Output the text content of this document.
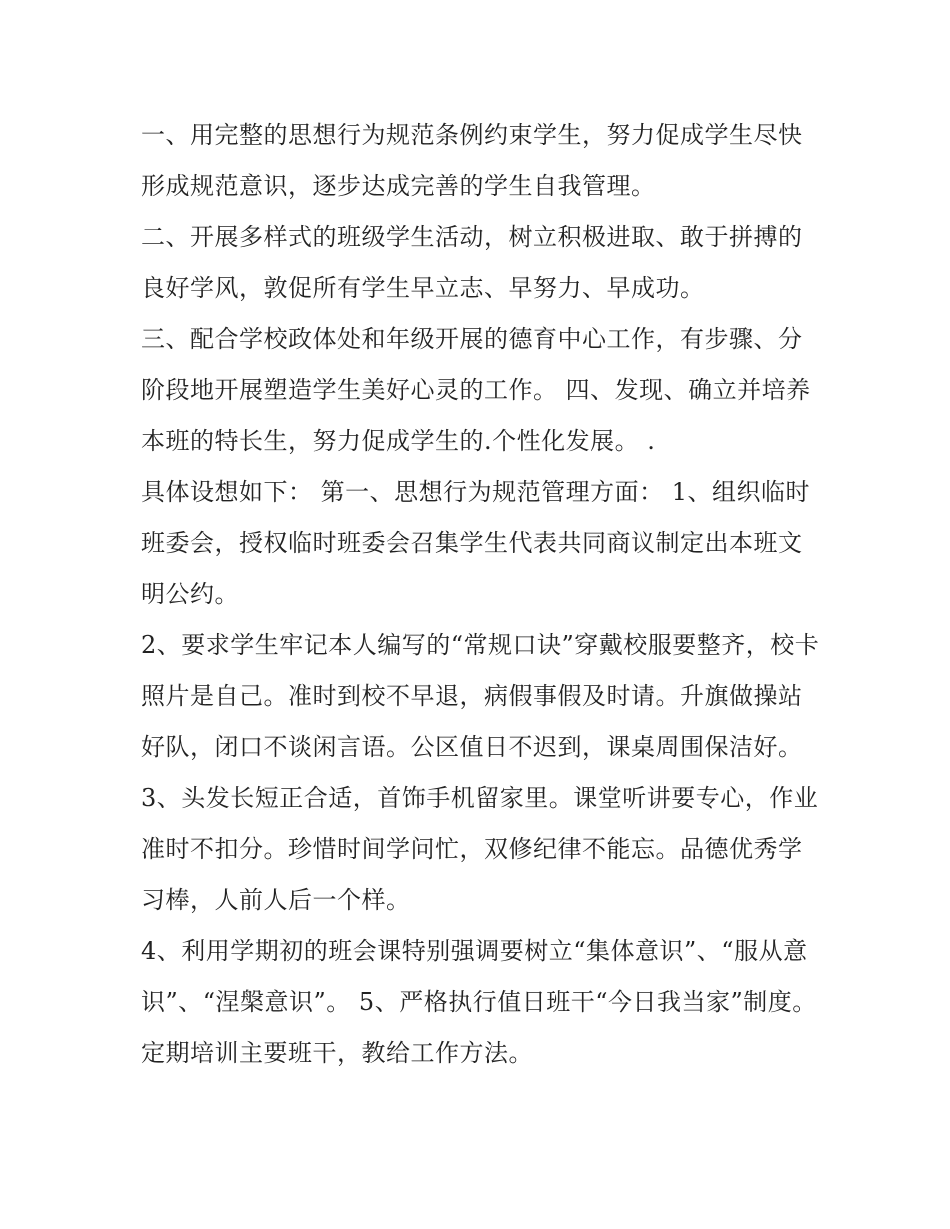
一、用完整的思想行为规范条例约束学生，努力促成学生尽快形成规范意识，逐步达成完善的学生自我管理。

二、开展多样式的班级学生活动，树立积极进取、敢于拼搏的良好学风，敦促所有学生早立志、早努力、早成功。

三、配合学校政体处和年级开展的德育中心工作，有步骤、分阶段地开展塑造学生美好心灵的工作。 四、发现、确立并培养本班的特长生，努力促成学生的.个性化发展。 .

具体设想如下： 第一、思想行为规范管理方面： 1、组织临时班委会，授权临时班委会召集学生代表共同商议制定出本班文明公约。

2、要求学生牢记本人编写的“常规口诀”穿戴校服要整齐，校卡照片是自己。准时到校不早退，病假事假及时请。升旗做操站好队，闭口不谈闲言语。公区值日不迟到，课桌周围保洁好。

3、头发长短正合适，首饰手机留家里。课堂听讲要专心，作业准时不扣分。珍惜时间学问忙，双修纪律不能忘。品德优秀学习棒，人前人后一个样。

4、利用学期初的班会课特别强调要树立“集体意识”、“服从意识”、“涅槃意识”。 5、严格执行值日班干“今日我当家”制度。定期培训主要班干，教给工作方法。
